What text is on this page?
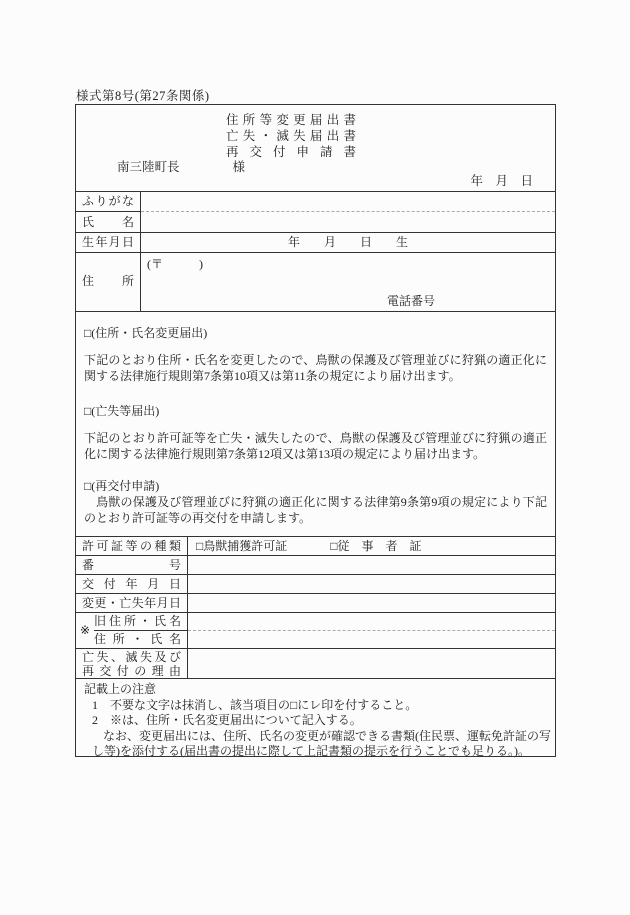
様式第8号(第27条関係)
住所等変更届出書
亡失・滅失届出書
再交付申請書
南三陸町長	様
年　月　日
ふりがな
氏名
生年月日	年　　月　　日　　生
住所
(〒　　　)
電話番号
□(住所・氏名変更届出)

下記のとおり住所・氏名を変更したので、鳥獣の保護及び管理並びに狩猟の適正化に関する法律施行規則第7条第10項又は第11条の規定により届け出ます。

□(亡失等届出)

下記のとおり許可証等を亡失・滅失したので、鳥獣の保護及び管理並びに狩猟の適正化に関する法律施行規則第7条第12項又は第13項の規定により届け出ます。

□(再交付申請)

　鳥獣の保護及び管理並びに狩猟の適正化に関する法律第9条第9項の規定により下記のとおり許可証等の再交付を申請します。

許可証等の種類	□鳥獣捕獲許可証	□従　事　者　証
番号
交付年月日
変更・亡失年月日
※
旧住所・氏名
住所・氏名
亡失、滅失及び
再交付の理由
記載上の注意
1　不要な文字は抹消し、該当項目の□にレ印を付すること。
2　※は、住所・氏名変更届出について記入する。
なお、変更届出には、住所、氏名の変更が確認できる書類(住民票、運転免許証の写
し等)を添付する(届出書の提出に際して上記書類の提示を行うことでも足りる。)。
